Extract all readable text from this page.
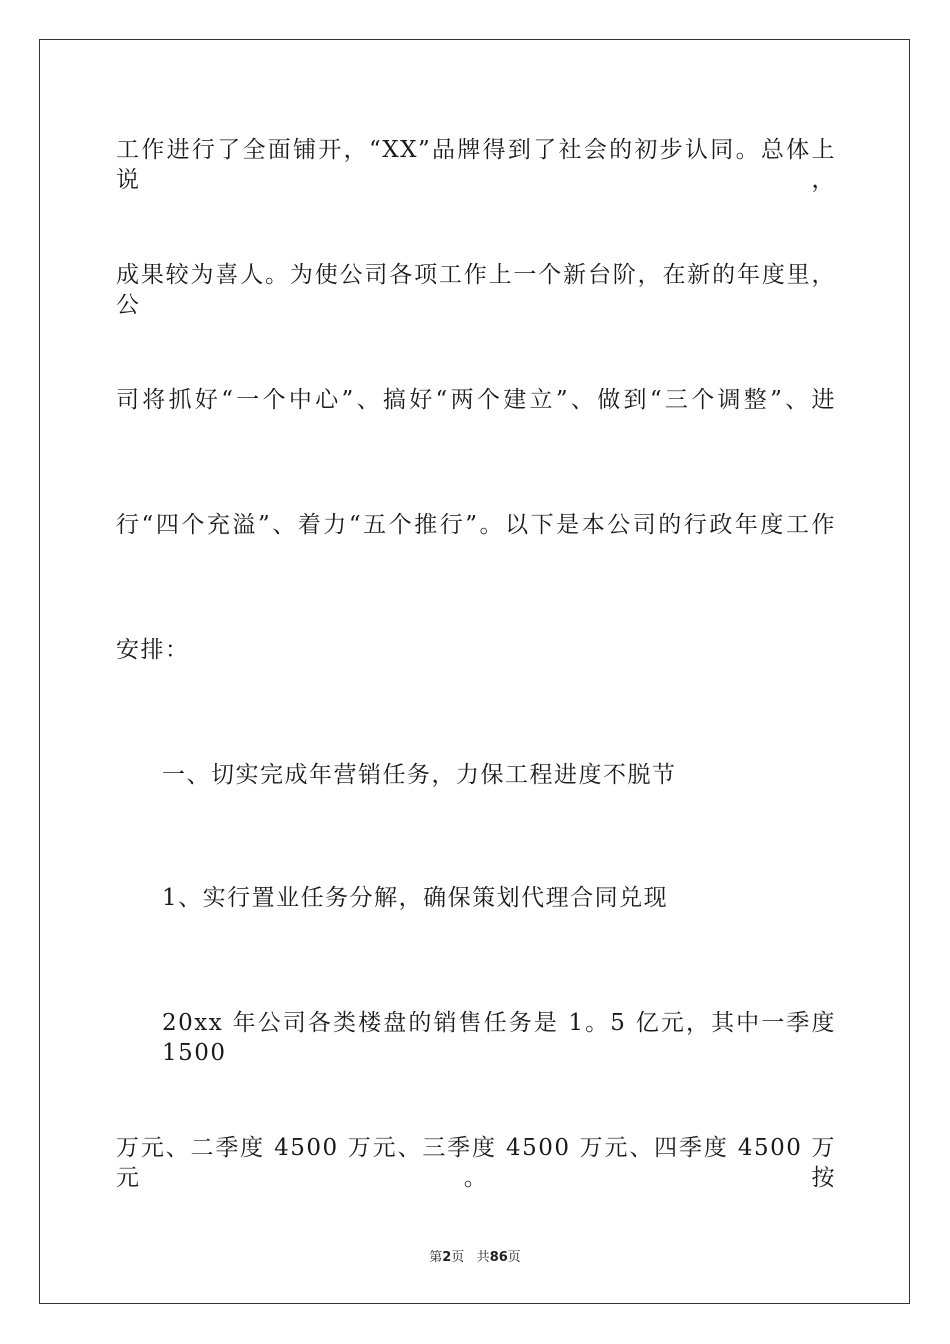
工作进行了全面铺开，“XX”品牌得到了社会的初步认同。总体上说，
成果较为喜人。为使公司各项工作上一个新台阶，在新的年度里，公
司将抓好“一个中心”、搞好“两个建立”、做到“三个调整”、进
行“四个充溢”、着力“五个推行”。以下是本公司的行政年度工作
安排：
一、切实完成年营销任务，力保工程进度不脱节
1、实行置业任务分解，确保策划代理合同兑现
20xx 年公司各类楼盘的销售任务是 1。5 亿元，其中一季度 1500
万元、二季度 4500 万元、三季度 4500 万元、四季度 4500 万元。按
第2页 共86页
